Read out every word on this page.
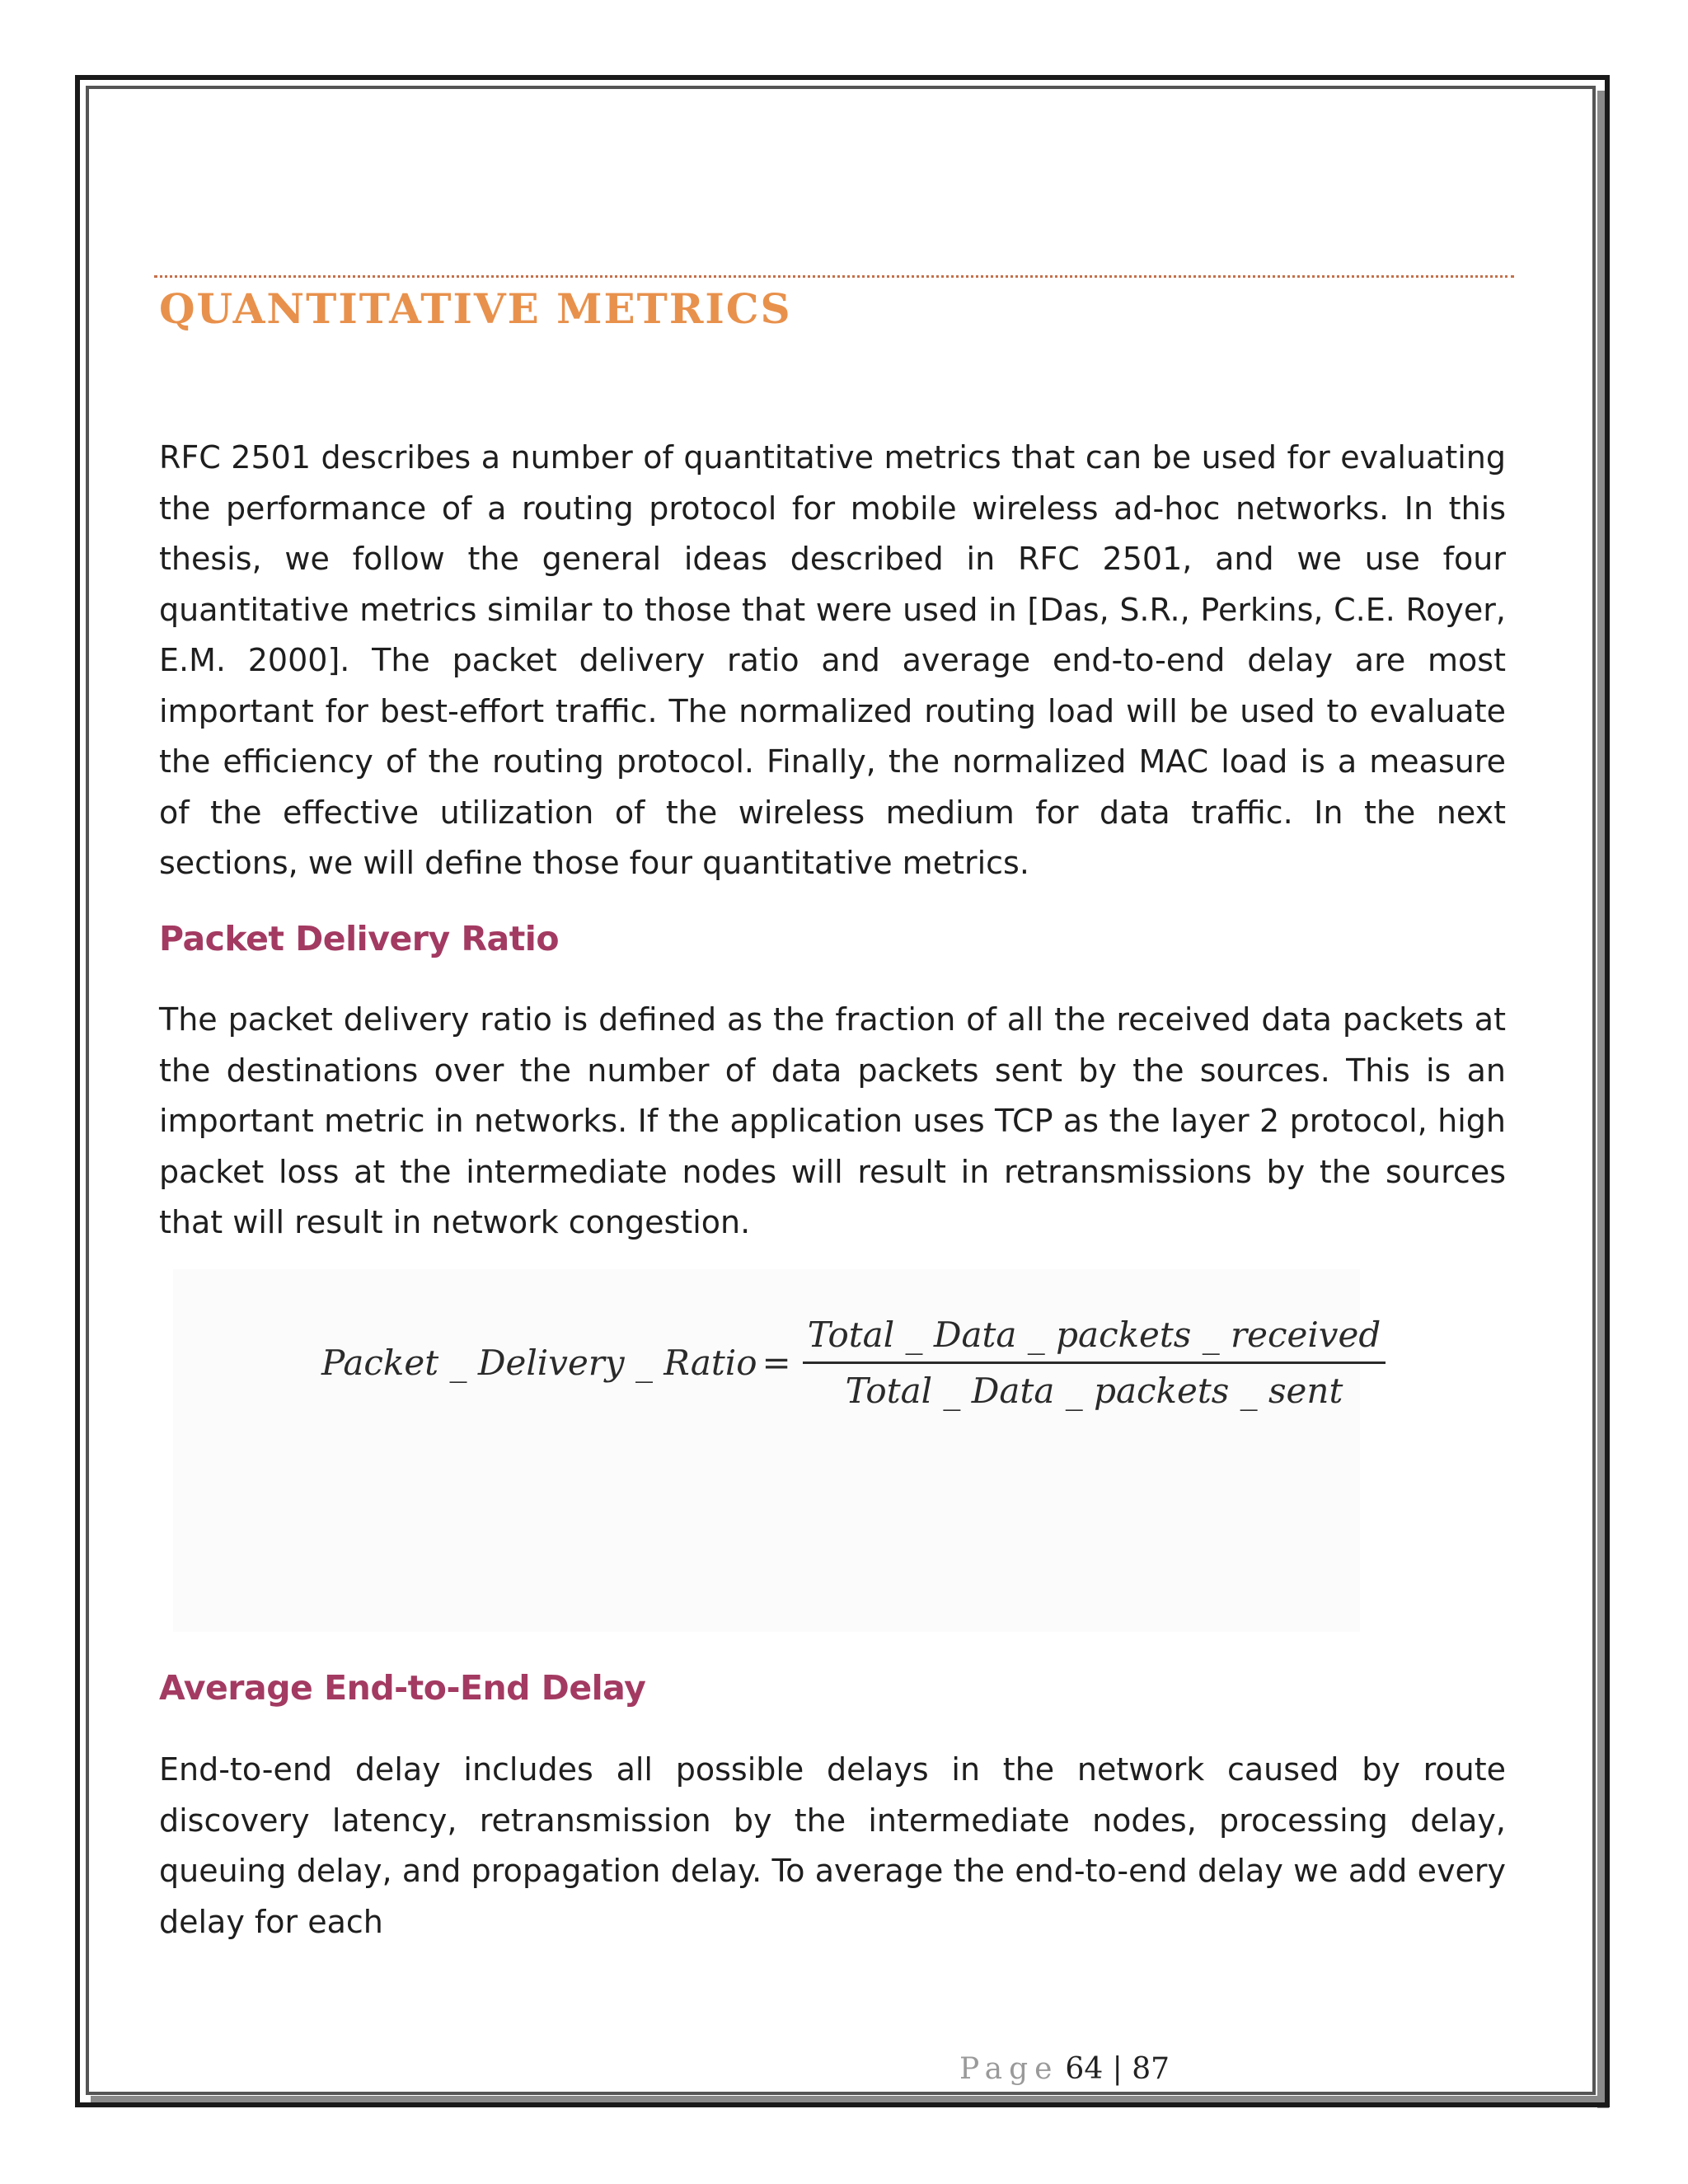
QUANTITATIVE METRICS

RFC 2501 describes a number of quantitative metrics that can be used for evaluating the performance of a routing protocol for mobile wireless ad-hoc networks. In this thesis, we follow the general ideas described in RFC 2501, and we use four quantitative metrics similar to those that were used in [Das, S.R., Perkins, C.E. Royer, E.M. 2000]. The packet delivery ratio and average end-to-end delay are most important for best-effort traffic. The normalized routing load will be used to evaluate the efficiency of the routing protocol. Finally, the normalized MAC load is a measure of the effective utilization of the wireless medium for data traffic. In the next sections, we will define those four quantitative metrics.

Packet Delivery Ratio

The packet delivery ratio is defined as the fraction of all the received data packets at the destinations over the number of data packets sent by the sources. This is an important metric in networks. If the application uses TCP as the layer 2 protocol, high packet loss at the intermediate nodes will result in retransmissions by the sources that will result in network congestion.

Packet _ Delivery _ Ratio = $\frac{\text{Total \_ Data \_ packets \_ received}}{\text{Total \_ Data \_ packets \_ sent}}$
Average End-to-End Delay

End-to-end delay includes all possible delays in the network caused by route discovery latency, retransmission by the intermediate nodes, processing delay, queuing delay, and propagation delay. To average the end-to-end delay we add every delay for each

Page 64 | 87
